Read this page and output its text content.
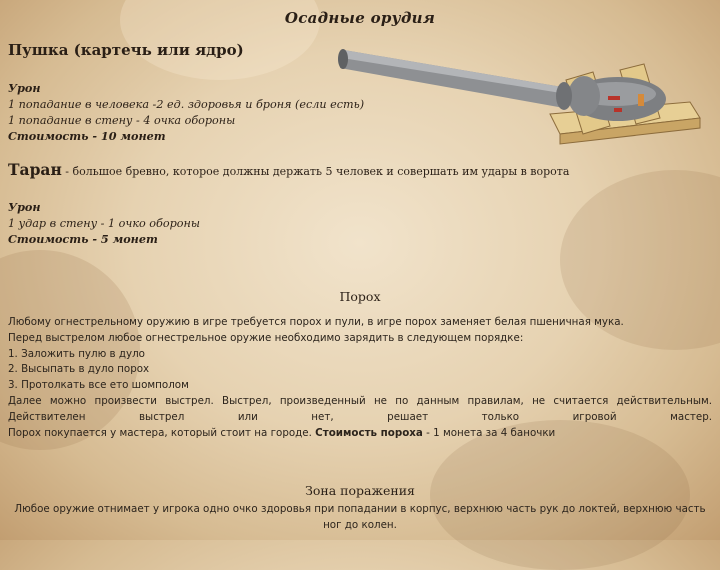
Осадные орудия
Пушка (картечь или ядро)
Урон
1 попадание в человека -2 ед. здоровья и броня (если есть)
1 попадание в стену - 4 очка обороны
Стоимость - 10 монет
Таран - большое бревно, которое должны держать 5 человек и совершать им удары в ворота
Урон
1 удар в стену - 1 очко обороны
Стоимость - 5 монет
Порох

Любому огнестрельному оружию в игре требуется порох и пули, в игре порох заменяет белая пшеничная мука.

Перед выстрелом любое огнестрельное оружие необходимо зарядить в следующем порядке:

1. Заложить пулю в дуло

2. Высыпать в дуло порох

3. Протолкать все ето шомполом

Далее можно произвести выстрел. Выстрел, произведенный не по данным правилам, не считается действительным. Действителен выстрел или нет, решает только игровой мастер.

Порох покупается у мастера, который стоит на городе. Стоимость пороха - 1 монета за 4 баночки

Зона поражения
Любое оружие отнимает у игрока одно очко здоровья при попадании в корпус, верхнюю часть рук до локтей, верхнюю часть ног до колен.
